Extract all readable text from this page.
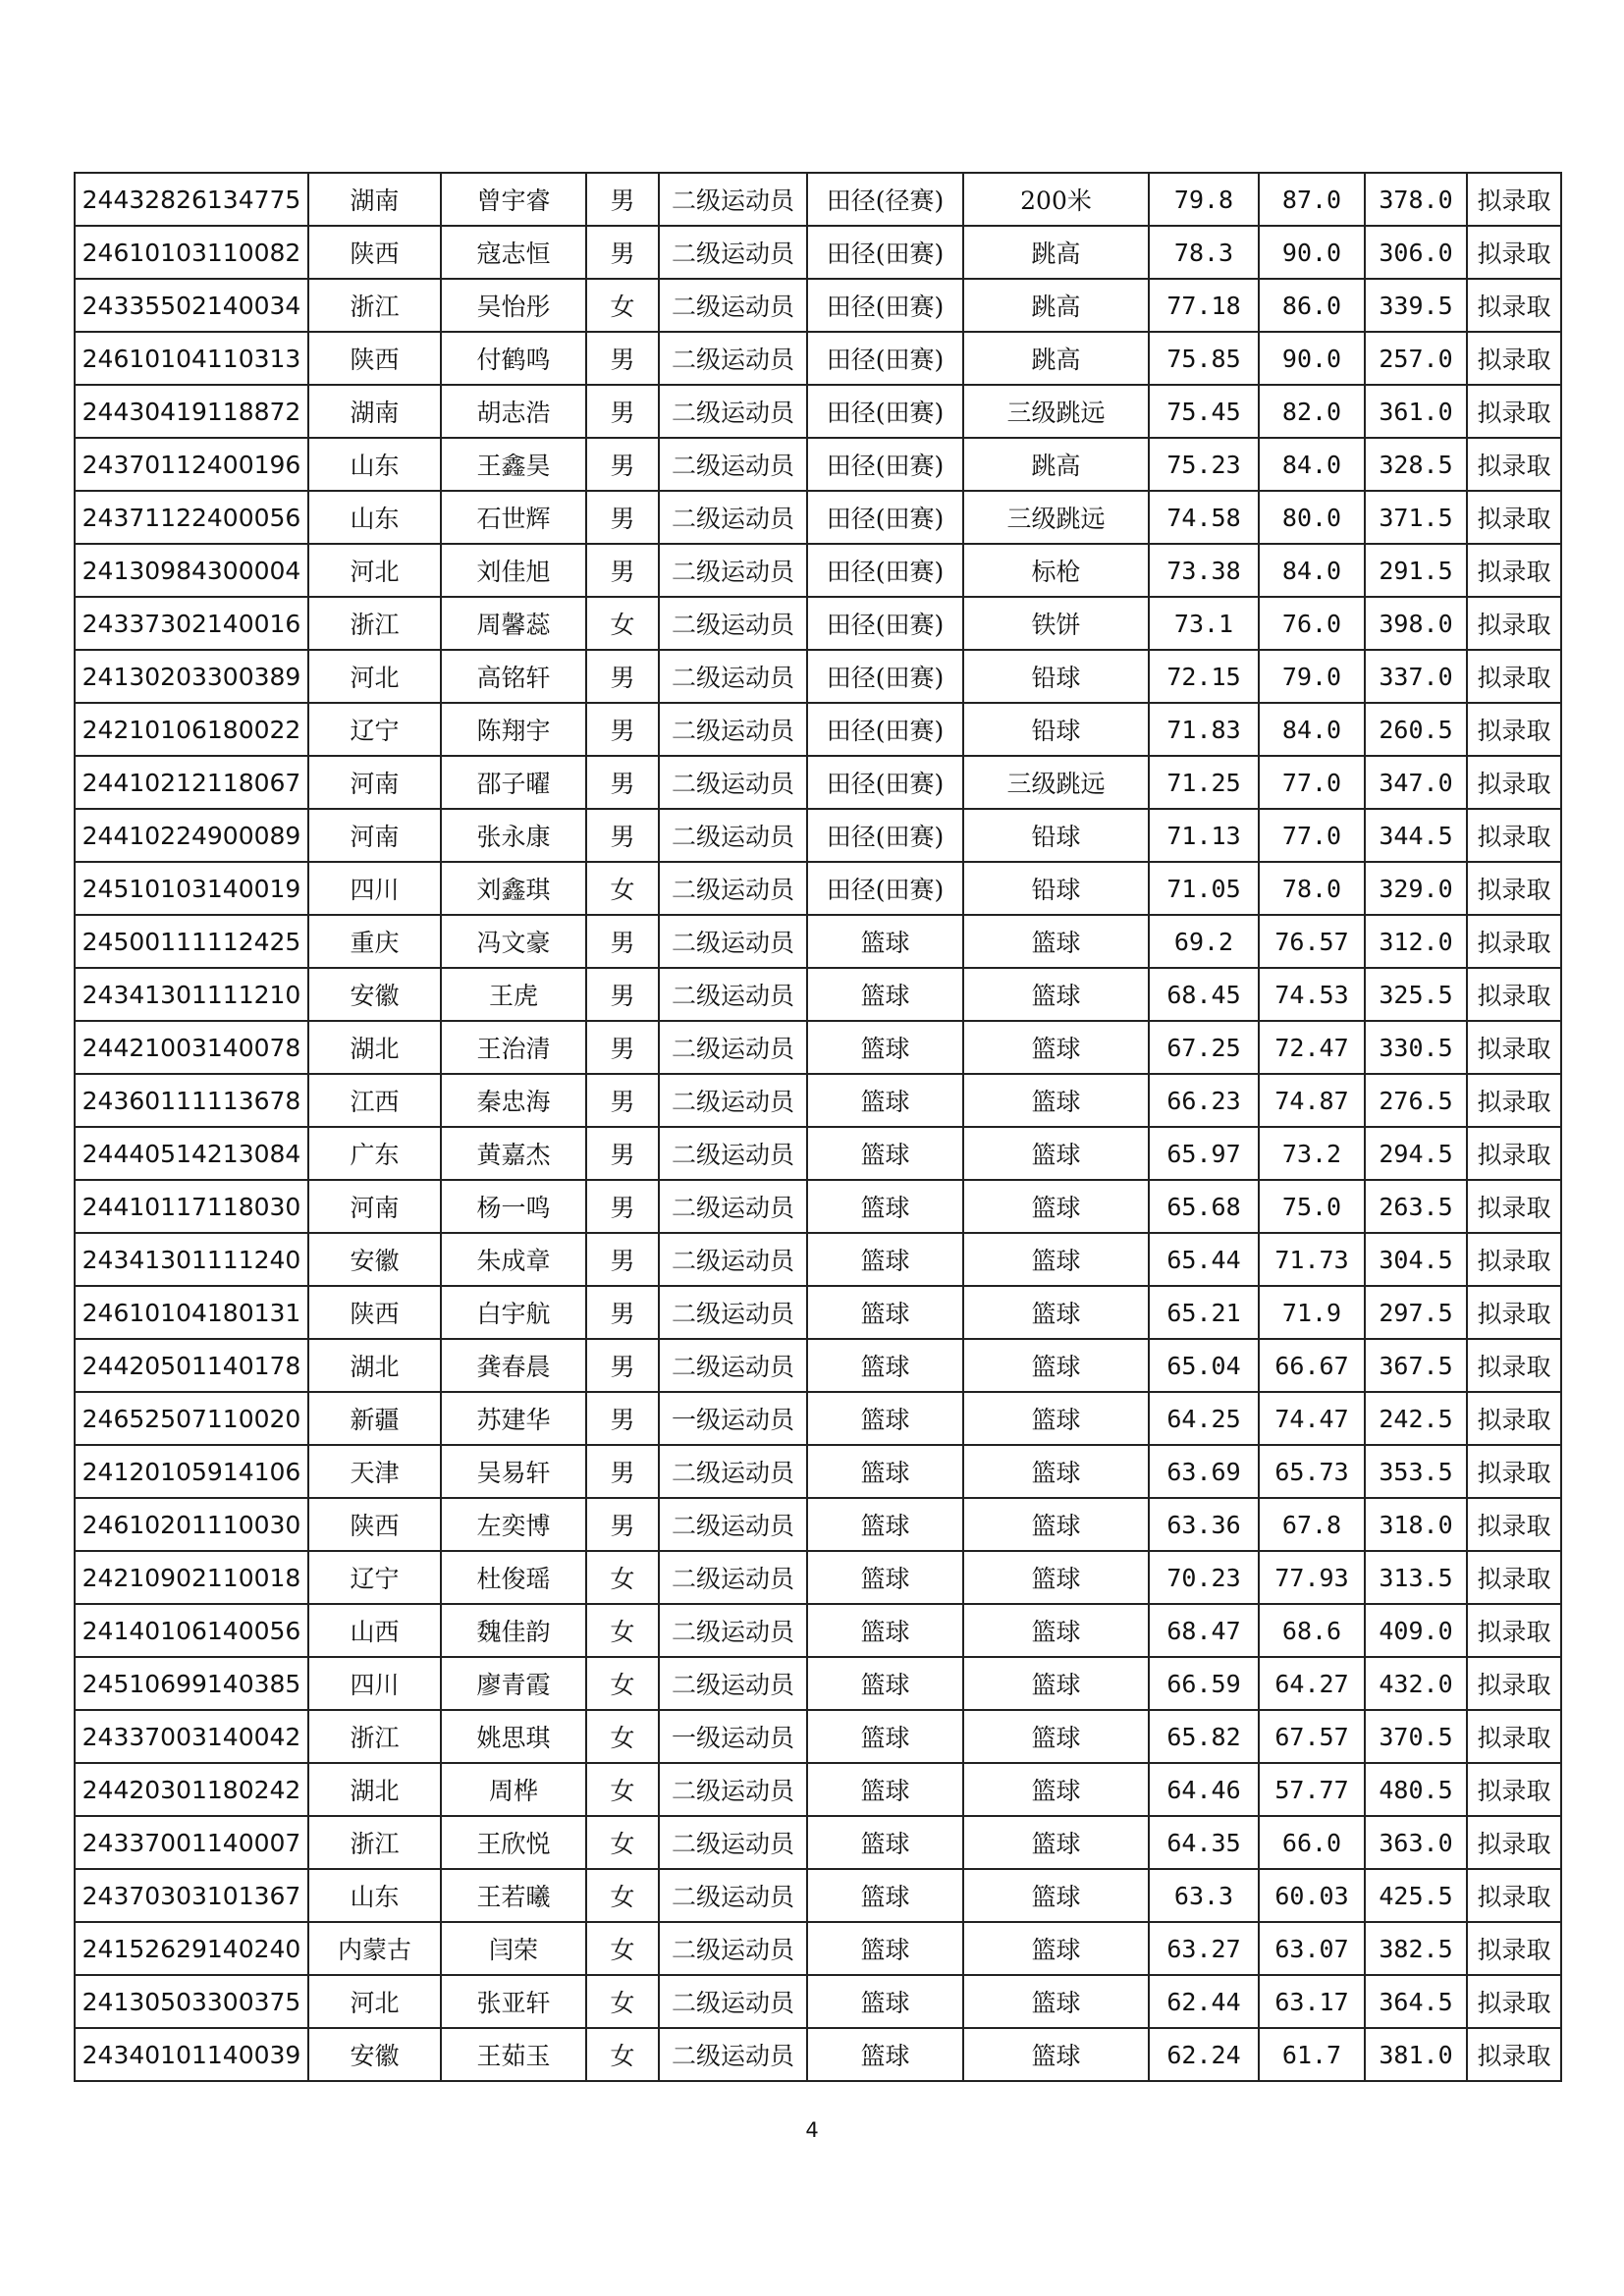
24432826134775	湖南	曾宇睿	男	二级运动员	田径(径赛)	200米	79.8	87.0	378.0	拟录取
24610103110082	陕西	寇志恒	男	二级运动员	田径(田赛)	跳高	78.3	90.0	306.0	拟录取
24335502140034	浙江	吴怡彤	女	二级运动员	田径(田赛)	跳高	77.18	86.0	339.5	拟录取
24610104110313	陕西	付鹤鸣	男	二级运动员	田径(田赛)	跳高	75.85	90.0	257.0	拟录取
24430419118872	湖南	胡志浩	男	二级运动员	田径(田赛)	三级跳远	75.45	82.0	361.0	拟录取
24370112400196	山东	王鑫昊	男	二级运动员	田径(田赛)	跳高	75.23	84.0	328.5	拟录取
24371122400056	山东	石世辉	男	二级运动员	田径(田赛)	三级跳远	74.58	80.0	371.5	拟录取
24130984300004	河北	刘佳旭	男	二级运动员	田径(田赛)	标枪	73.38	84.0	291.5	拟录取
24337302140016	浙江	周馨蕊	女	二级运动员	田径(田赛)	铁饼	73.1	76.0	398.0	拟录取
24130203300389	河北	高铭轩	男	二级运动员	田径(田赛)	铅球	72.15	79.0	337.0	拟录取
24210106180022	辽宁	陈翔宇	男	二级运动员	田径(田赛)	铅球	71.83	84.0	260.5	拟录取
24410212118067	河南	邵子曜	男	二级运动员	田径(田赛)	三级跳远	71.25	77.0	347.0	拟录取
24410224900089	河南	张永康	男	二级运动员	田径(田赛)	铅球	71.13	77.0	344.5	拟录取
24510103140019	四川	刘鑫琪	女	二级运动员	田径(田赛)	铅球	71.05	78.0	329.0	拟录取
24500111112425	重庆	冯文豪	男	二级运动员	篮球	篮球	69.2	76.57	312.0	拟录取
24341301111210	安徽	王虎	男	二级运动员	篮球	篮球	68.45	74.53	325.5	拟录取
24421003140078	湖北	王治清	男	二级运动员	篮球	篮球	67.25	72.47	330.5	拟录取
24360111113678	江西	秦忠海	男	二级运动员	篮球	篮球	66.23	74.87	276.5	拟录取
24440514213084	广东	黄嘉杰	男	二级运动员	篮球	篮球	65.97	73.2	294.5	拟录取
24410117118030	河南	杨一鸣	男	二级运动员	篮球	篮球	65.68	75.0	263.5	拟录取
24341301111240	安徽	朱成章	男	二级运动员	篮球	篮球	65.44	71.73	304.5	拟录取
24610104180131	陕西	白宇航	男	二级运动员	篮球	篮球	65.21	71.9	297.5	拟录取
24420501140178	湖北	龚春晨	男	二级运动员	篮球	篮球	65.04	66.67	367.5	拟录取
24652507110020	新疆	苏建华	男	一级运动员	篮球	篮球	64.25	74.47	242.5	拟录取
24120105914106	天津	吴易轩	男	二级运动员	篮球	篮球	63.69	65.73	353.5	拟录取
24610201110030	陕西	左奕博	男	二级运动员	篮球	篮球	63.36	67.8	318.0	拟录取
24210902110018	辽宁	杜俊瑶	女	二级运动员	篮球	篮球	70.23	77.93	313.5	拟录取
24140106140056	山西	魏佳韵	女	二级运动员	篮球	篮球	68.47	68.6	409.0	拟录取
24510699140385	四川	廖青霞	女	二级运动员	篮球	篮球	66.59	64.27	432.0	拟录取
24337003140042	浙江	姚思琪	女	一级运动员	篮球	篮球	65.82	67.57	370.5	拟录取
24420301180242	湖北	周桦	女	二级运动员	篮球	篮球	64.46	57.77	480.5	拟录取
24337001140007	浙江	王欣悦	女	二级运动员	篮球	篮球	64.35	66.0	363.0	拟录取
24370303101367	山东	王若曦	女	二级运动员	篮球	篮球	63.3	60.03	425.5	拟录取
24152629140240	内蒙古	闫荣	女	二级运动员	篮球	篮球	63.27	63.07	382.5	拟录取
24130503300375	河北	张亚轩	女	二级运动员	篮球	篮球	62.44	63.17	364.5	拟录取
24340101140039	安徽	王茹玉	女	二级运动员	篮球	篮球	62.24	61.7	381.0	拟录取
4
